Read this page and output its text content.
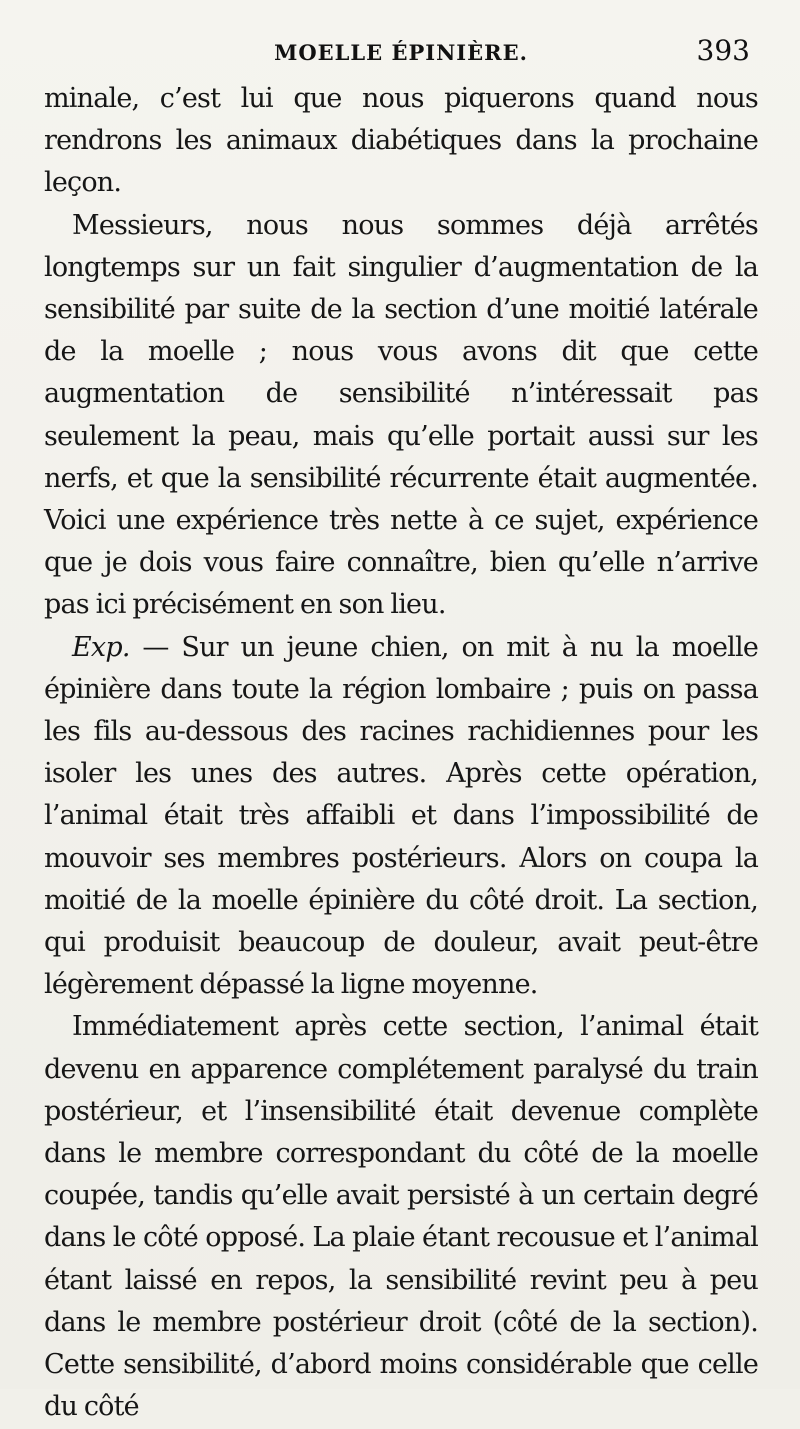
MOELLE ÉPINIÈRE.	393

minale, c’est lui que nous piquerons quand nous rendrons les animaux diabétiques dans la prochaine leçon.

Messieurs, nous nous sommes déjà arrêtés longtemps sur un fait singulier d’augmentation de la sensibilité par suite de la section d’une moitié latérale de la moelle ; nous vous avons dit que cette augmentation de sensibilité n’intéressait pas seulement la peau, mais qu’elle portait aussi sur les nerfs, et que la sensibilité récurrente était augmentée. Voici une expérience très nette à ce sujet, expérience que je dois vous faire connaître, bien qu’elle n’arrive pas ici précisément en son lieu.

Exp. — Sur un jeune chien, on mit à nu la moelle épinière dans toute la région lombaire ; puis on passa les fils au-dessous des racines rachidiennes pour les isoler les unes des autres. Après cette opération, l’animal était très affaibli et dans l’impossibilité de mouvoir ses membres postérieurs. Alors on coupa la moitié de la moelle épinière du côté droit. La section, qui produisit beaucoup de douleur, avait peut-être légèrement dépassé la ligne moyenne.

Immédiatement après cette section, l’animal était devenu en apparence complétement paralysé du train postérieur, et l’insensibilité était devenue complète dans le membre correspondant du côté de la moelle coupée, tandis qu’elle avait persisté à un certain degré dans le côté opposé. La plaie étant recousue et l’animal étant laissé en repos, la sensibilité revint peu à peu dans le membre postérieur droit (côté de la section). Cette sensibilité, d’abord moins considérable que celle du côté
